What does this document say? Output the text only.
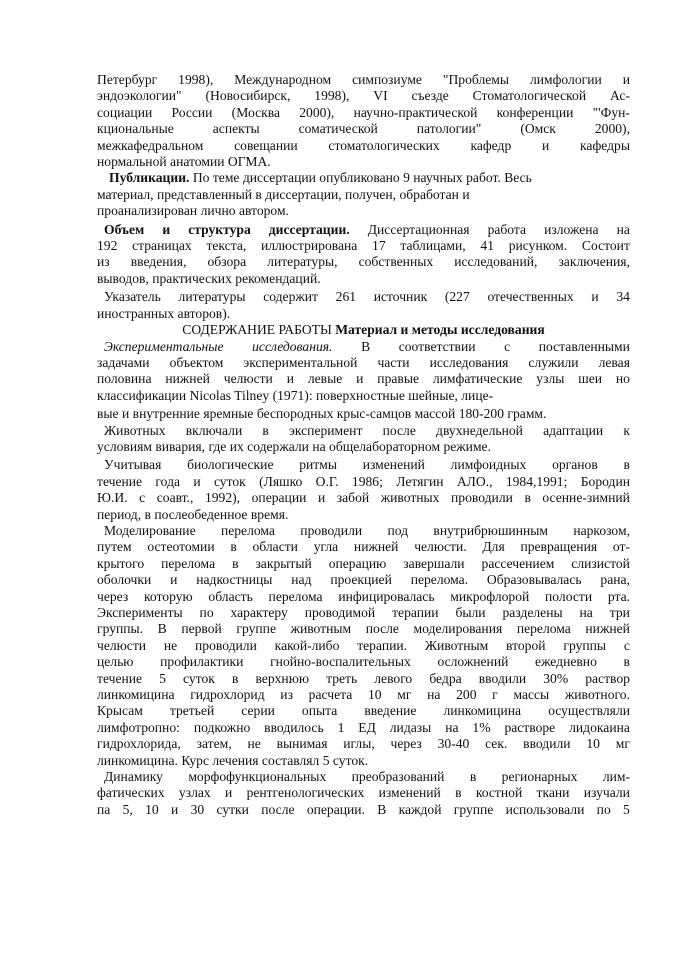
Петербург 1998), Международном симпозиуме "Проблемы лимфологии и
эндоэкологии" (Новосибирск, 1998), VI съезде Стоматологической Ас-
социации России (Москва 2000), научно-практической конференции "'Фун-
кциональные	аспекты	соматической	патологии"	(Омск	2000),
межкафедральном совещании стоматологических кафедр и кафедры
нормальной анатомии ОГМА.
Публикации. По теме диссертации опубликовано 9 научных работ. Весь
материал, представленный в диссертации, получен, обработан и
проанализирован лично автором.
Объем и структура диссертации. Диссертационная работа изложена на
192 страницах текста, иллюстрирована 17 таблицами, 41 рисунком. Состоит
из введения, обзора литературы, собственных исследований, заключения,
выводов, практических рекомендаций.
Указатель литературы содержит 261 источник (227 отечественных и 34
иностранных авторов).
СОДЕРЖАНИЕ РАБОТЫ Материал и методы исследования
Экспериментальные исследования. В соответствии с поставленными
задачами объектом экспериментальной части исследования служили левая
половина нижней челюсти и левые и правые лимфатические узлы шеи но
классификации Nicolas Tilney (1971): поверхностные шейные, лице-
вые и внутренние яремные беспородных крыс-самцов массой 180-200 грамм.
Животных включали в эксперимент после двухнедельной адаптации к
условиям вивария, где их содержали на общелабораторном режиме.
Учитывая биологические ритмы изменений лимфоидных органов в
течение года и суток (Ляшко О.Г. 1986; Летягин АЛО., 1984,1991; Бородин
Ю.И. с соавт., 1992), операции и забой животных проводили в осенне-зимний
период, в послеобеденное время.
Моделирование перелома проводили под внутрибрюшинным наркозом,
путем остеотомии в области угла нижней челюсти. Для превращения от-
крытого перелома в закрытый операцию завершали рассечением слизистой
оболочки и надкостницы над проекцией перелома. Образовывалась рана,
через которую область перелома инфицировалась микрофлорой полости рта.
Эксперименты по характеру проводимой терапии были разделены на три
группы. В первой группе животным после моделирования перелома нижней
челюсти не проводили какой-либо терапии. Животным второй группы с
целью профилактики гнойно-воспалительных осложнений ежедневно в
течение 5 суток в верхнюю треть левого бедра вводили 30% раствор
линкомицина гидрохлорид из расчета 10 мг на 200 г массы животного.
Крысам третьей серии опыта введение линкомицина осуществляли
лимфотропно: подкожно вводилось 1 ЕД лидазы на 1% растворе лидокаина
гидрохлорида, затем, не вынимая иглы, через 30-40 сек. вводили 10 мг
линкомицина. Курс лечения составлял 5 суток.
Динамику морфофункциональных преобразований в регионарных лим-
фатических узлах и рентгенологических изменений в костной ткани изучали
па 5, 10 и 30 сутки после операции. В каждой группе использовали по 5
